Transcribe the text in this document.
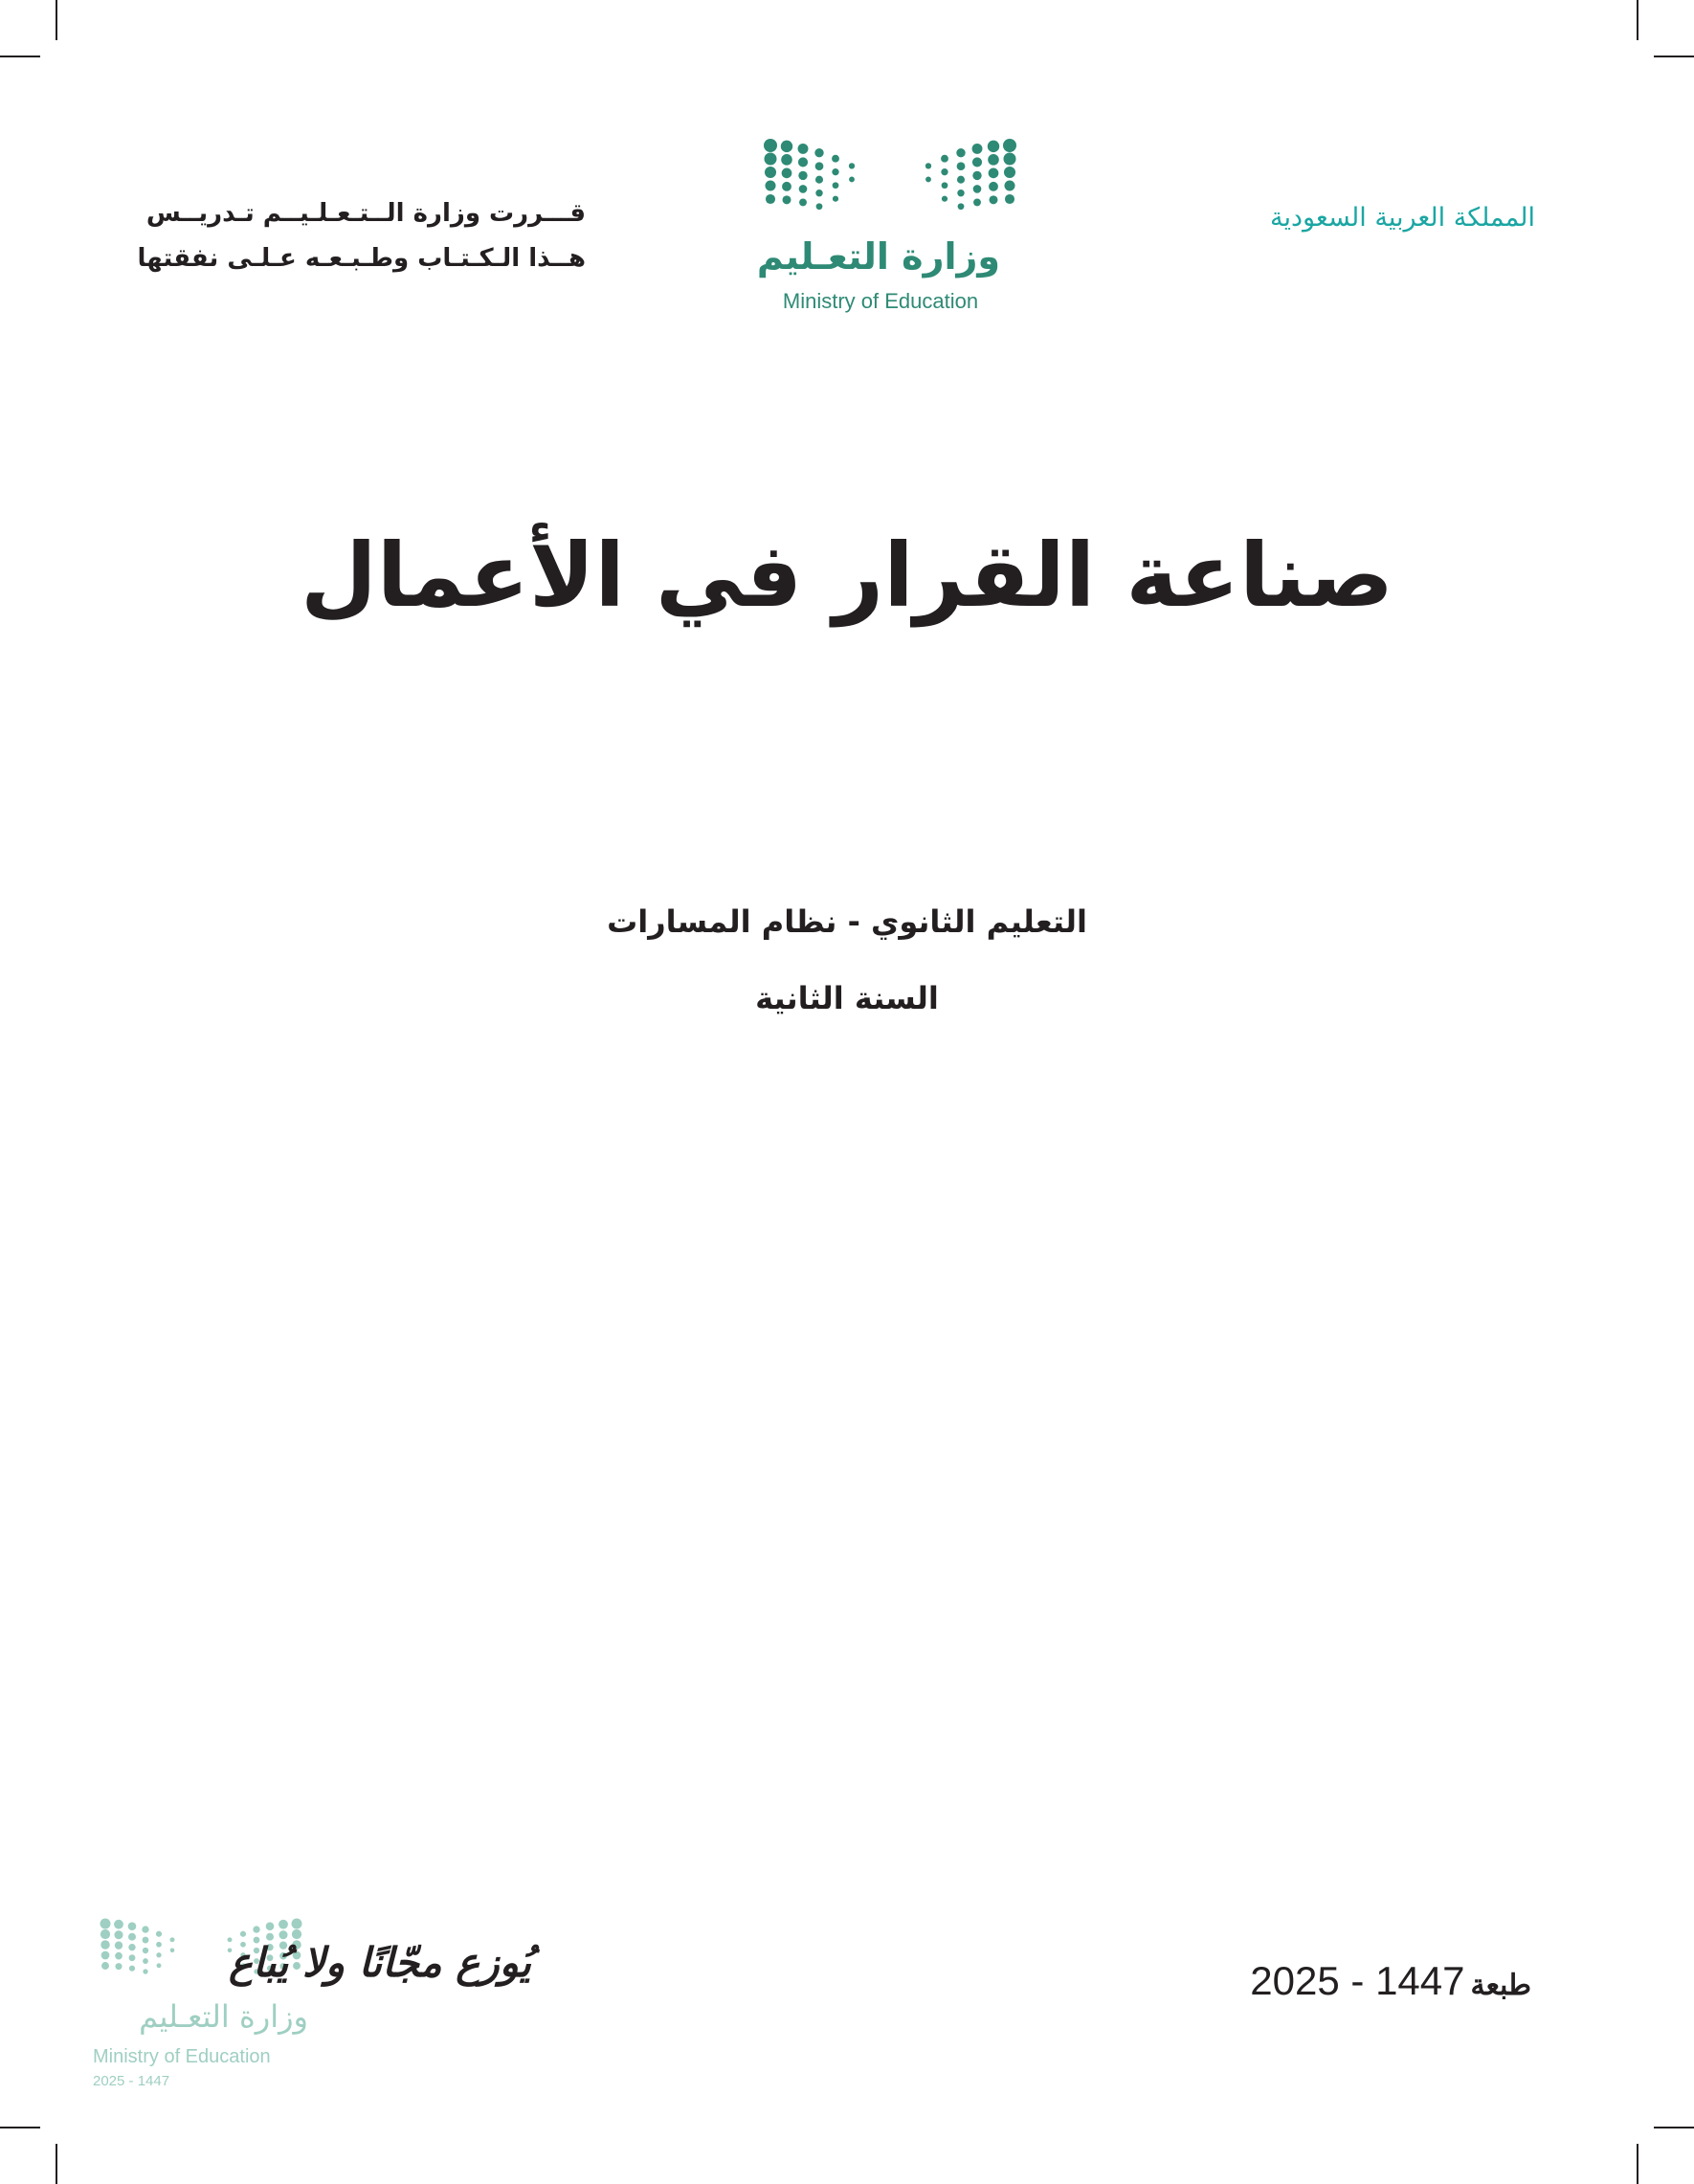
المملكة العربية السعودية
قـــررت وزارة الــتـعـلـيــم تـدريــس
هــذا الـكـتـاب وطـبـعـه عـلـى نفقتها	وزارة التعـليم
Ministry of Education
صناعة القرار في الأعمال
التعليم الثانوي - نظام المسارات
السنة الثانية
طبعة1447 - 2025
يُوزع مجّانًا ولا يُباع
وزارة التعـليم
Ministry of Education
2025 - 1447
